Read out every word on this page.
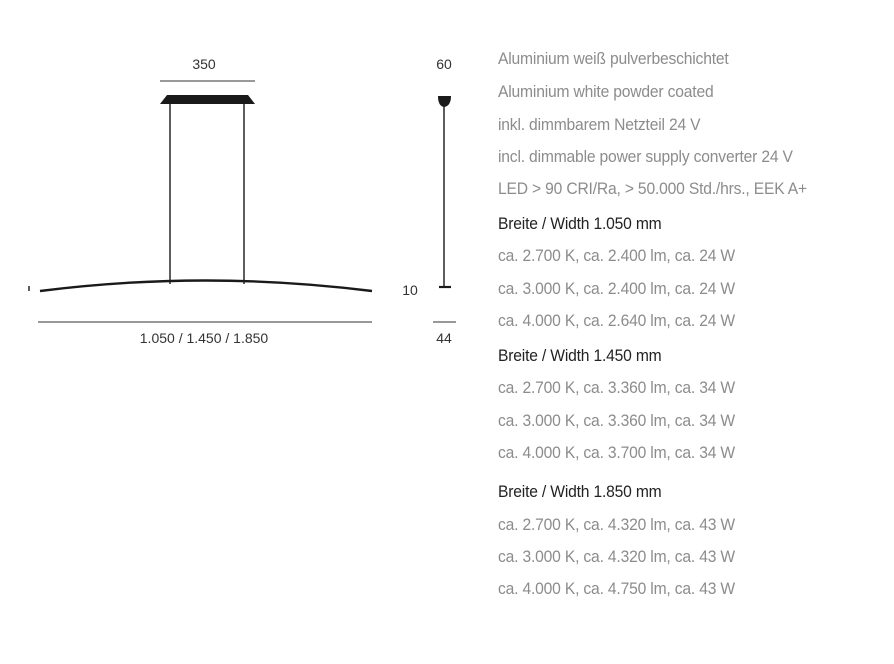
350
1.050 / 1.450 / 1.850
60
10
44
Aluminium weiß pulverbeschichtet
Aluminium white powder coated
inkl. dimmbarem Netzteil 24 V
incl. dimmable power supply converter 24 V
LED > 90 CRI/Ra, > 50.000 Std./hrs., EEK A+
Breite / Width 1.050 mm
ca. 2.700 K, ca. 2.400 lm, ca. 24 W
ca. 3.000 K, ca. 2.400 lm, ca. 24 W
ca. 4.000 K, ca. 2.640 lm, ca. 24 W
Breite / Width 1.450 mm
ca. 2.700 K, ca. 3.360 lm, ca. 34 W
ca. 3.000 K, ca. 3.360 lm, ca. 34 W
ca. 4.000 K, ca. 3.700 lm, ca. 34 W
Breite / Width 1.850 mm
ca. 2.700 K, ca. 4.320 lm, ca. 43 W
ca. 3.000 K, ca. 4.320 lm, ca. 43 W
ca. 4.000 K, ca. 4.750 lm, ca. 43 W
